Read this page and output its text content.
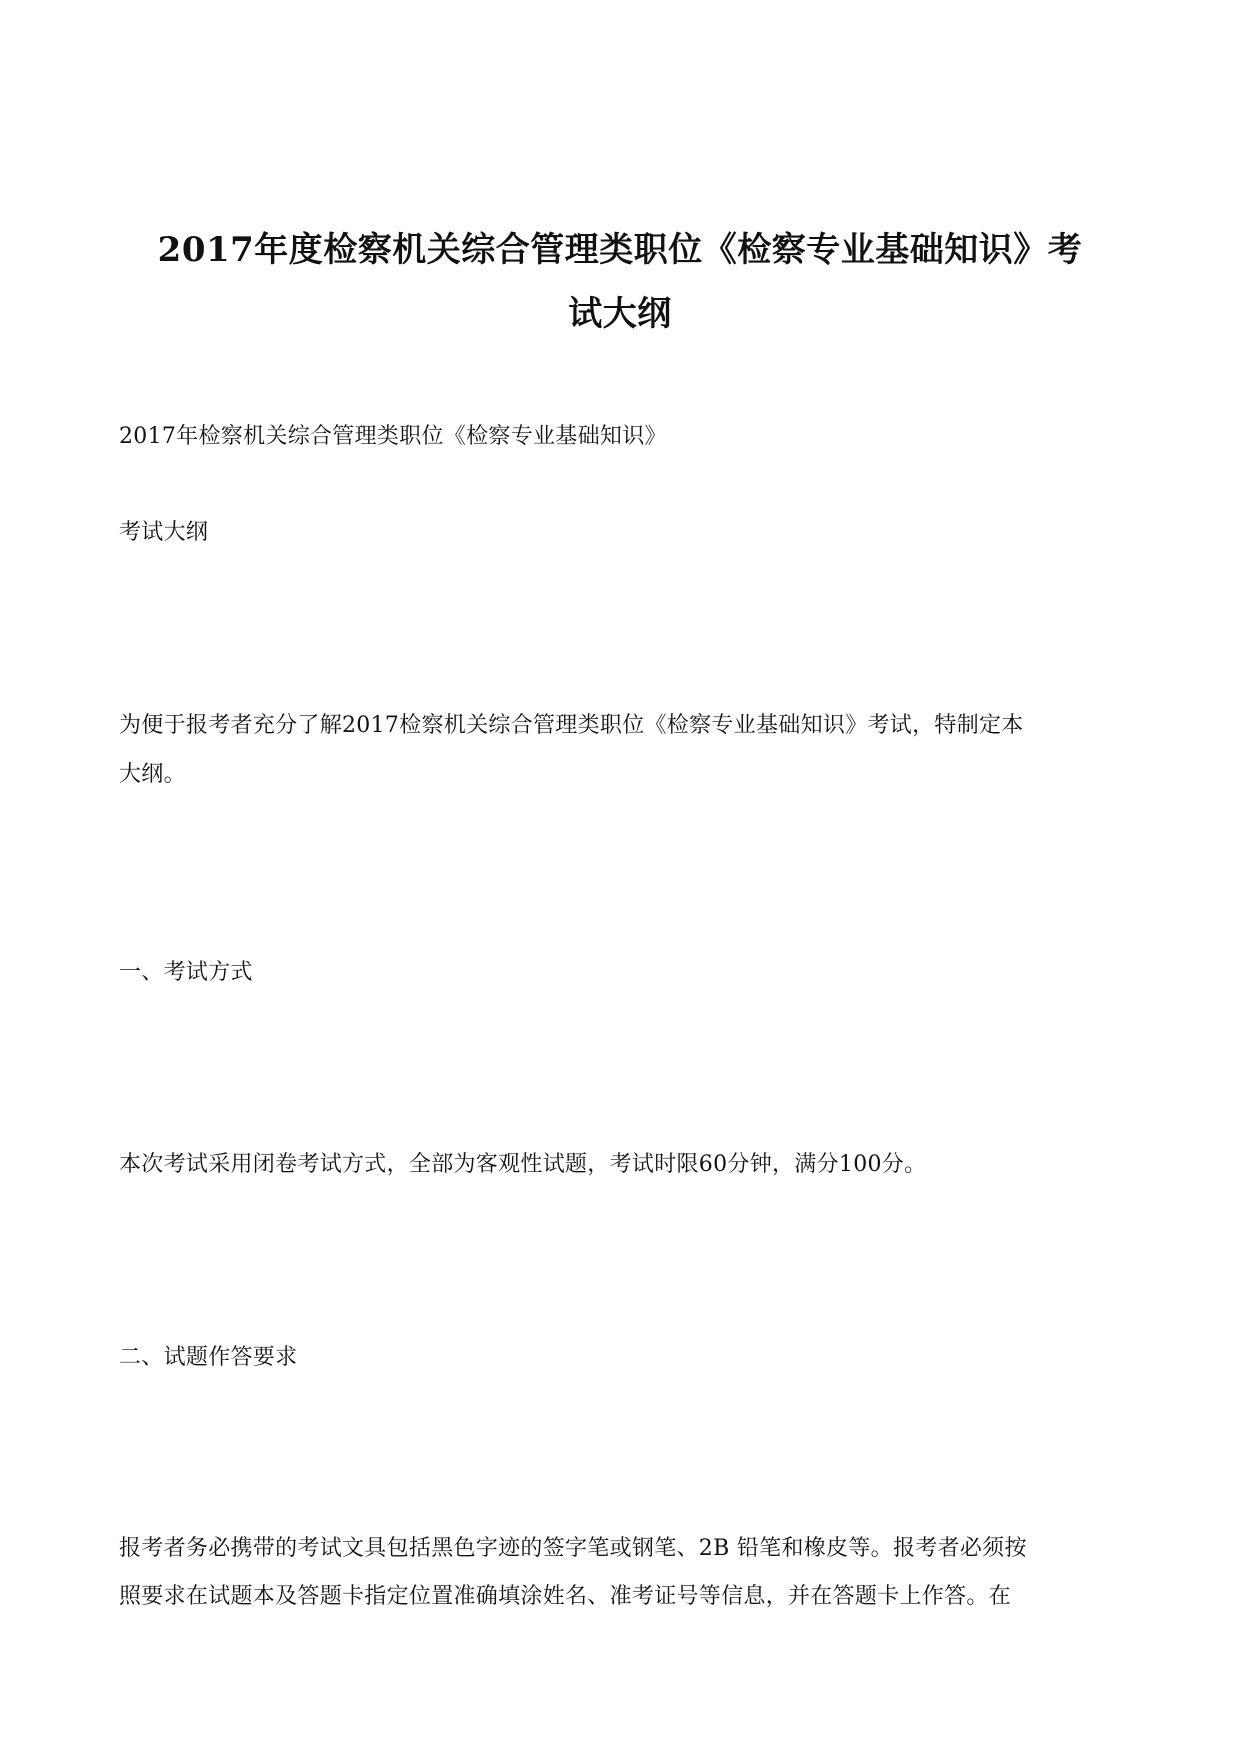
2017年度检察机关综合管理类职位《检察专业基础知识》考
试大纲
2017年检察机关综合管理类职位《检察专业基础知识》
考试大纲
为便于报考者充分了解2017检察机关综合管理类职位《检察专业基础知识》考试，特制定本
大纲。
一、考试方式
本次考试采用闭卷考试方式，全部为客观性试题，考试时限60分钟，满分100分。
二、试题作答要求
报考者务必携带的考试文具包括黑色字迹的签字笔或钢笔、2B 铅笔和橡皮等。报考者必须按
照要求在试题本及答题卡指定位置准确填涂姓名、准考证号等信息，并在答题卡上作答。在
